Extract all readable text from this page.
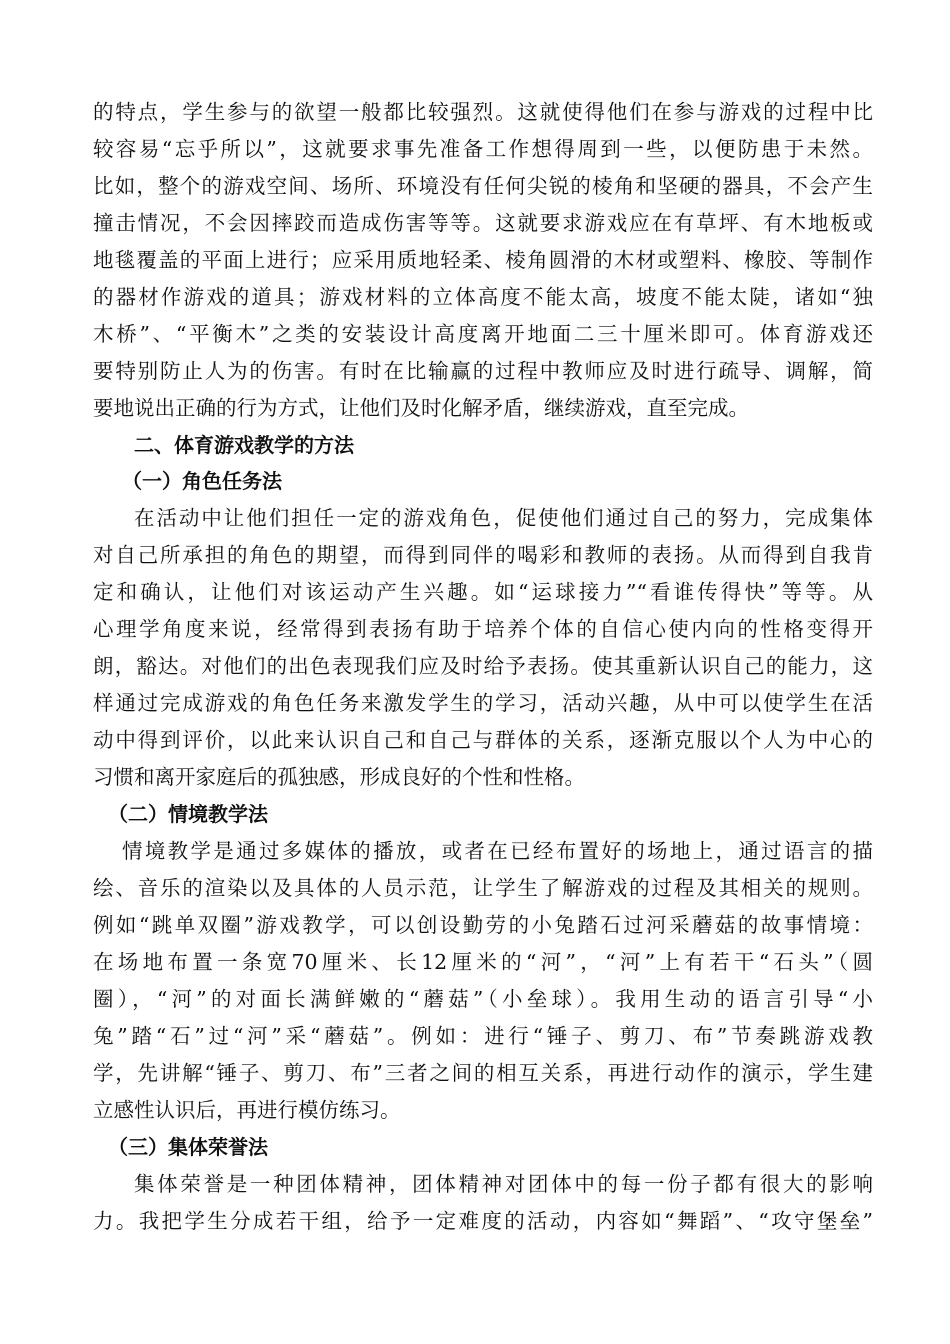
的特点，学生参与的欲望一般都比较强烈。这就使得他们在参与游戏的过程中比
较容易“忘乎所以”，这就要求事先准备工作想得周到一些，以便防患于未然。
比如，整个的游戏空间、场所、环境没有任何尖锐的棱角和坚硬的器具，不会产生
撞击情况，不会因摔跤而造成伤害等等。这就要求游戏应在有草坪、有木地板或
地毯覆盖的平面上进行；应采用质地轻柔、棱角圆滑的木材或塑料、橡胶、等制作
的器材作游戏的道具；游戏材料的立体高度不能太高，坡度不能太陡，诸如“独
木桥”、“平衡木”之类的安装设计高度离开地面二三十厘米即可。体育游戏还
要特别防止人为的伤害。有时在比输赢的过程中教师应及时进行疏导、调解，简
要地说出正确的行为方式，让他们及时化解矛盾，继续游戏，直至完成。
二、体育游戏教学的方法
（一）角色任务法
在活动中让他们担任一定的游戏角色，促使他们通过自己的努力，完成集体
对自己所承担的角色的期望，而得到同伴的喝彩和教师的表扬。从而得到自我肯
定和确认，让他们对该运动产生兴趣。如“运球接力”“看谁传得快”等等。从
心理学角度来说，经常得到表扬有助于培养个体的自信心使内向的性格变得开
朗，豁达。对他们的出色表现我们应及时给予表扬。使其重新认识自己的能力，这
样通过完成游戏的角色任务来激发学生的学习，活动兴趣，从中可以使学生在活
动中得到评价，以此来认识自己和自己与群体的关系，逐渐克服以个人为中心的
习惯和离开家庭后的孤独感，形成良好的个性和性格。
（二）情境教学法
情境教学是通过多媒体的播放，或者在已经布置好的场地上，通过语言的描
绘、音乐的渲染以及具体的人员示范，让学生了解游戏的过程及其相关的规则。
例如“跳单双圈”游戏教学，可以创设勤劳的小兔踏石过河采蘑菇的故事情境：
在场地布置一条宽70厘米、长12厘米的“河”，“河”上有若干“石头”（圆
圈），“河”的对面长满鲜嫩的“蘑菇”（小垒球）。我用生动的语言引导“小
兔”踏“石”过“河”采“蘑菇”。例如：进行“锤子、剪刀、布”节奏跳游戏教
学，先讲解“锤子、剪刀、布”三者之间的相互关系，再进行动作的演示，学生建
立感性认识后，再进行模仿练习。
（三）集体荣誉法
集体荣誉是一种团体精神，团体精神对团体中的每一份子都有很大的影响
力。我把学生分成若干组，给予一定难度的活动，内容如“舞蹈”、“攻守堡垒”
